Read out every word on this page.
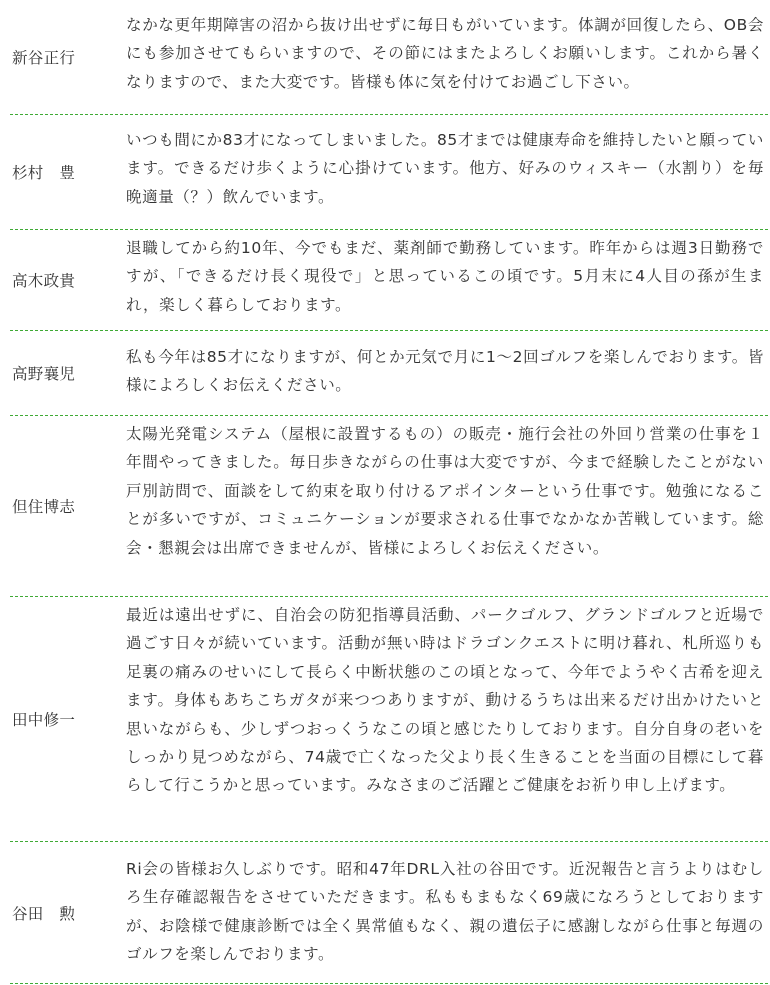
新谷正行
なかな更年期障害の沼から抜け出せずに毎日もがいています。体調が回復したら、OB会にも参加させてもらいますので、その節にはまたよろしくお願いします。これから暑くなりますので、また大変です。皆様も体に気を付けてお過ごし下さい。
杉村　豊
いつも間にか83才になってしまいました。85才までは健康寿命を維持したいと願っています。できるだけ歩くように心掛けています。他方、好みのウィスキー（水割り）を毎晩適量（？）飲んでいます。
高木政貴
退職してから約10年、今でもまだ、薬剤師で勤務しています。昨年からは週3日勤務ですが、「できるだけ長く現役で」と思っているこの頃です。5月末に4人目の孫が生まれ，楽しく暮らしております。
高野襄児
私も今年は85才になりますが、何とか元気で月に1～2回ゴルフを楽しんでおります。皆様によろしくお伝えください。
但住博志
太陽光発電システム（屋根に設置するもの）の販売・施行会社の外回り営業の仕事を１年間やってきました。毎日歩きながらの仕事は大変ですが、今まで経験したことがない戸別訪問で、面談をして約束を取り付けるアポインターという仕事です。勉強になることが多いですが、コミュニケーションが要求される仕事でなかなか苦戦しています。総会・懇親会は出席できませんが、皆様によろしくお伝えください。
田中修一
最近は遠出せずに、自治会の防犯指導員活動、パークゴルフ、グランドゴルフと近場で過ごす日々が続いています。活動が無い時はドラゴンクエストに明け暮れ、札所巡りも足裏の痛みのせいにして長らく中断状態のこの頃となって、今年でようやく古希を迎えます。身体もあちこちガタが来つつありますが、動けるうちは出来るだけ出かけたいと思いながらも、少しずつおっくうなこの頃と感じたりしております。自分自身の老いをしっかり見つめながら、74歳で亡くなった父より長く生きることを当面の目標にして暮らして行こうかと思っています。みなさまのご活躍とご健康をお祈り申し上げます。
谷田　勲
Ri会の皆様お久しぶりです。昭和47年DRL入社の谷田です。近況報告と言うよりはむしろ生存確認報告をさせていただきます。私ももまもなく69歳になろうとしておりますが、お陰様で健康診断では全く異常値もなく、親の遺伝子に感謝しながら仕事と毎週のゴルフを楽しんでおります。
